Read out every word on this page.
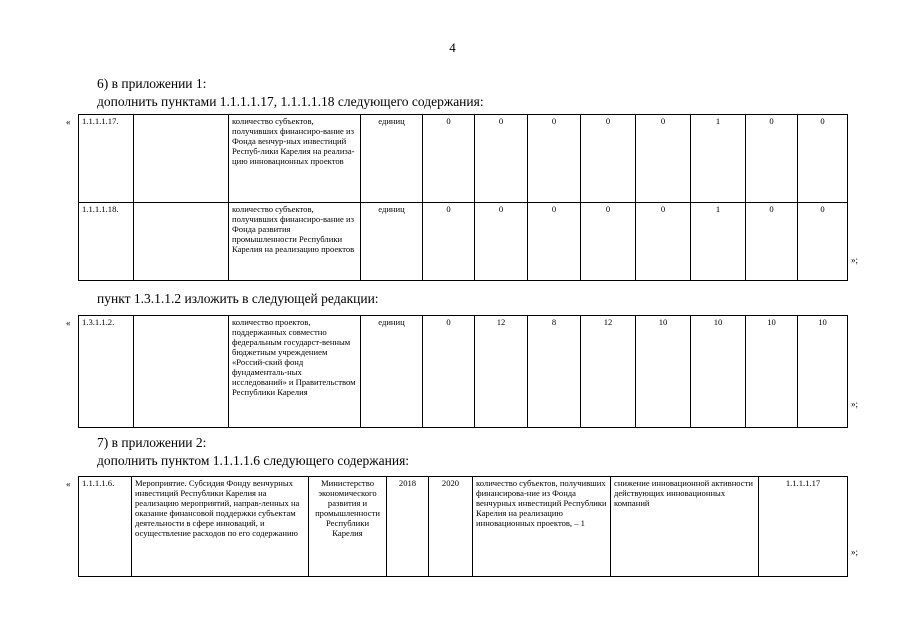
4
6) в приложении 1:
дополнить пунктами 1.1.1.1.17, 1.1.1.1.18 следующего содержания:
« 1.1.1.1.17.		количество субъектов, получивших финансиро-вание из Фонда венчур-ных инвестиций Респуб-лики Карелия на реализа-цию инновационных проектов	единиц	0	0	0	0	0	1	0	0
1.1.1.1.18.		количество субъектов, получивших финансиро-вание из Фонда развития промышленности Республики Карелия на реализацию проектов	единиц	0	0	0	0	0	1	0	0
»;
пункт 1.3.1.1.2 изложить в следующей редакции:
« 1.3.1.1.2.		количество проектов, поддержанных совместно федеральным государст-венным бюджетным учреждением «Россий-ский фонд фундаменталь-ных исследований» и Правительством Республики Карелия	единиц	0	12	8	12	10	10	10	10
»;
7) в приложении 2:
дополнить пунктом 1.1.1.1.6 следующего содержания:
« 1.1.1.1.6.	Мероприятие. Субсидия Фонду венчурных инвестиций Республики Карелия на реализацию мероприятий, направ-ленных на оказание финансовой поддержки субъектам деятельности в сфере инноваций, и осуществление расходов по его содержанию	Министерство экономического развития и промышленности Республики Карелия	2018	2020	количество субъектов, получивших финансирова-ние из Фонда венчурных инвестиций Республики Карелия на реализацию инновационных проектов, – 1	снижение инновационной активности действующих инновационных компаний	1.1.1.1.17
»;
